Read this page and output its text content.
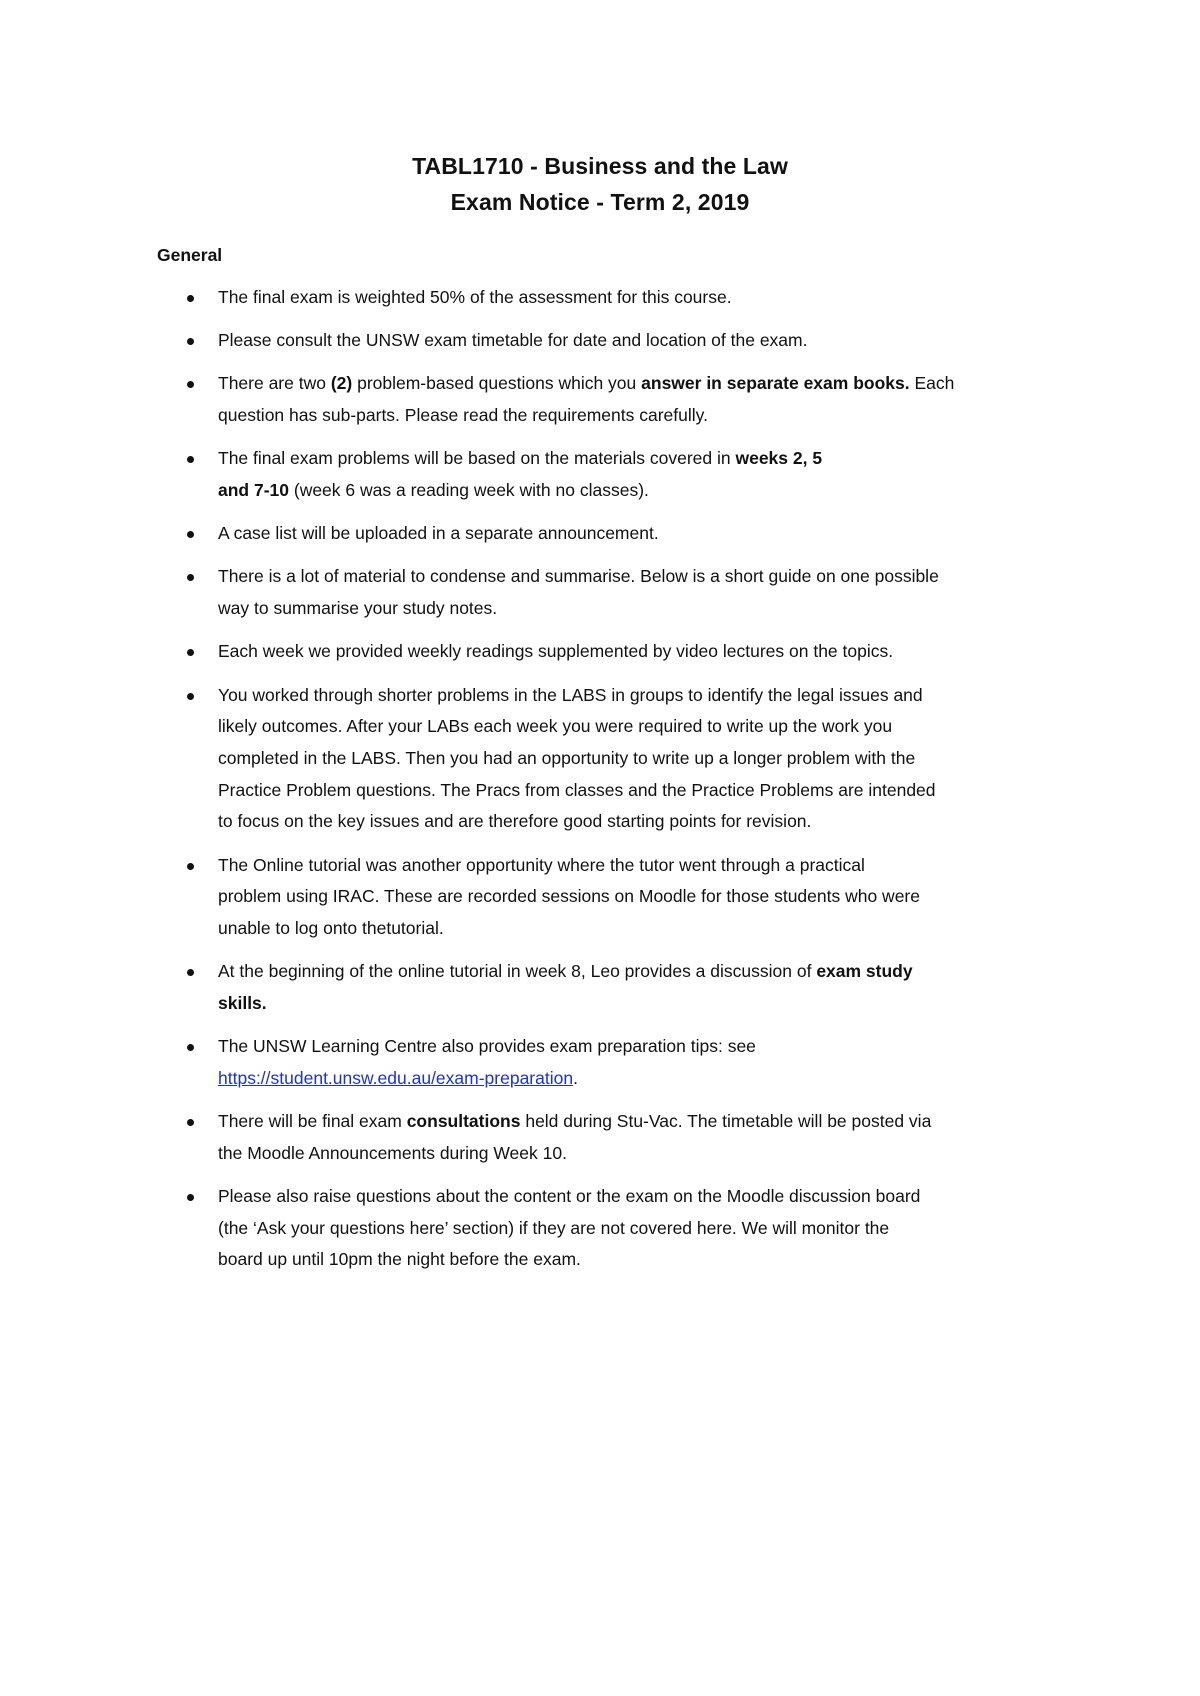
TABL1710 - Business and the Law
Exam Notice - Term 2, 2019
General
The final exam is weighted 50% of the assessment for this course.
Please consult the UNSW exam timetable for date and location of the exam.
There are two (2) problem-based questions which you answer in separate exam books. Each
question has sub-parts. Please read the requirements carefully.
The final exam problems will be based on the materials covered in weeks 2, 5
and 7-10 (week 6 was a reading week with no classes).
A case list will be uploaded in a separate announcement.
There is a lot of material to condense and summarise. Below is a short guide on one possible
way to summarise your study notes.
Each week we provided weekly readings supplemented by video lectures on the topics.
You worked through shorter problems in the LABS in groups to identify the legal issues and
likely outcomes. After your LABs each week you were required to write up the work you
completed in the LABS. Then you had an opportunity to write up a longer problem with the
Practice Problem questions. The Pracs from classes and the Practice Problems are intended
to focus on the key issues and are therefore good starting points for revision.
The Online tutorial was another opportunity where the tutor went through a practical
problem using IRAC. These are recorded sessions on Moodle for those students who were
unable to log onto thetutorial.
At the beginning of the online tutorial in week 8, Leo provides a discussion of exam study
skills.
The UNSW Learning Centre also provides exam preparation tips: see
https://student.unsw.edu.au/exam-preparation.
There will be final exam consultations held during Stu-Vac. The timetable will be posted via
the Moodle Announcements during Week 10.
Please also raise questions about the content or the exam on the Moodle discussion board
(the ‘Ask your questions here’ section) if they are not covered here. We will monitor the
board up until 10pm the night before the exam.
